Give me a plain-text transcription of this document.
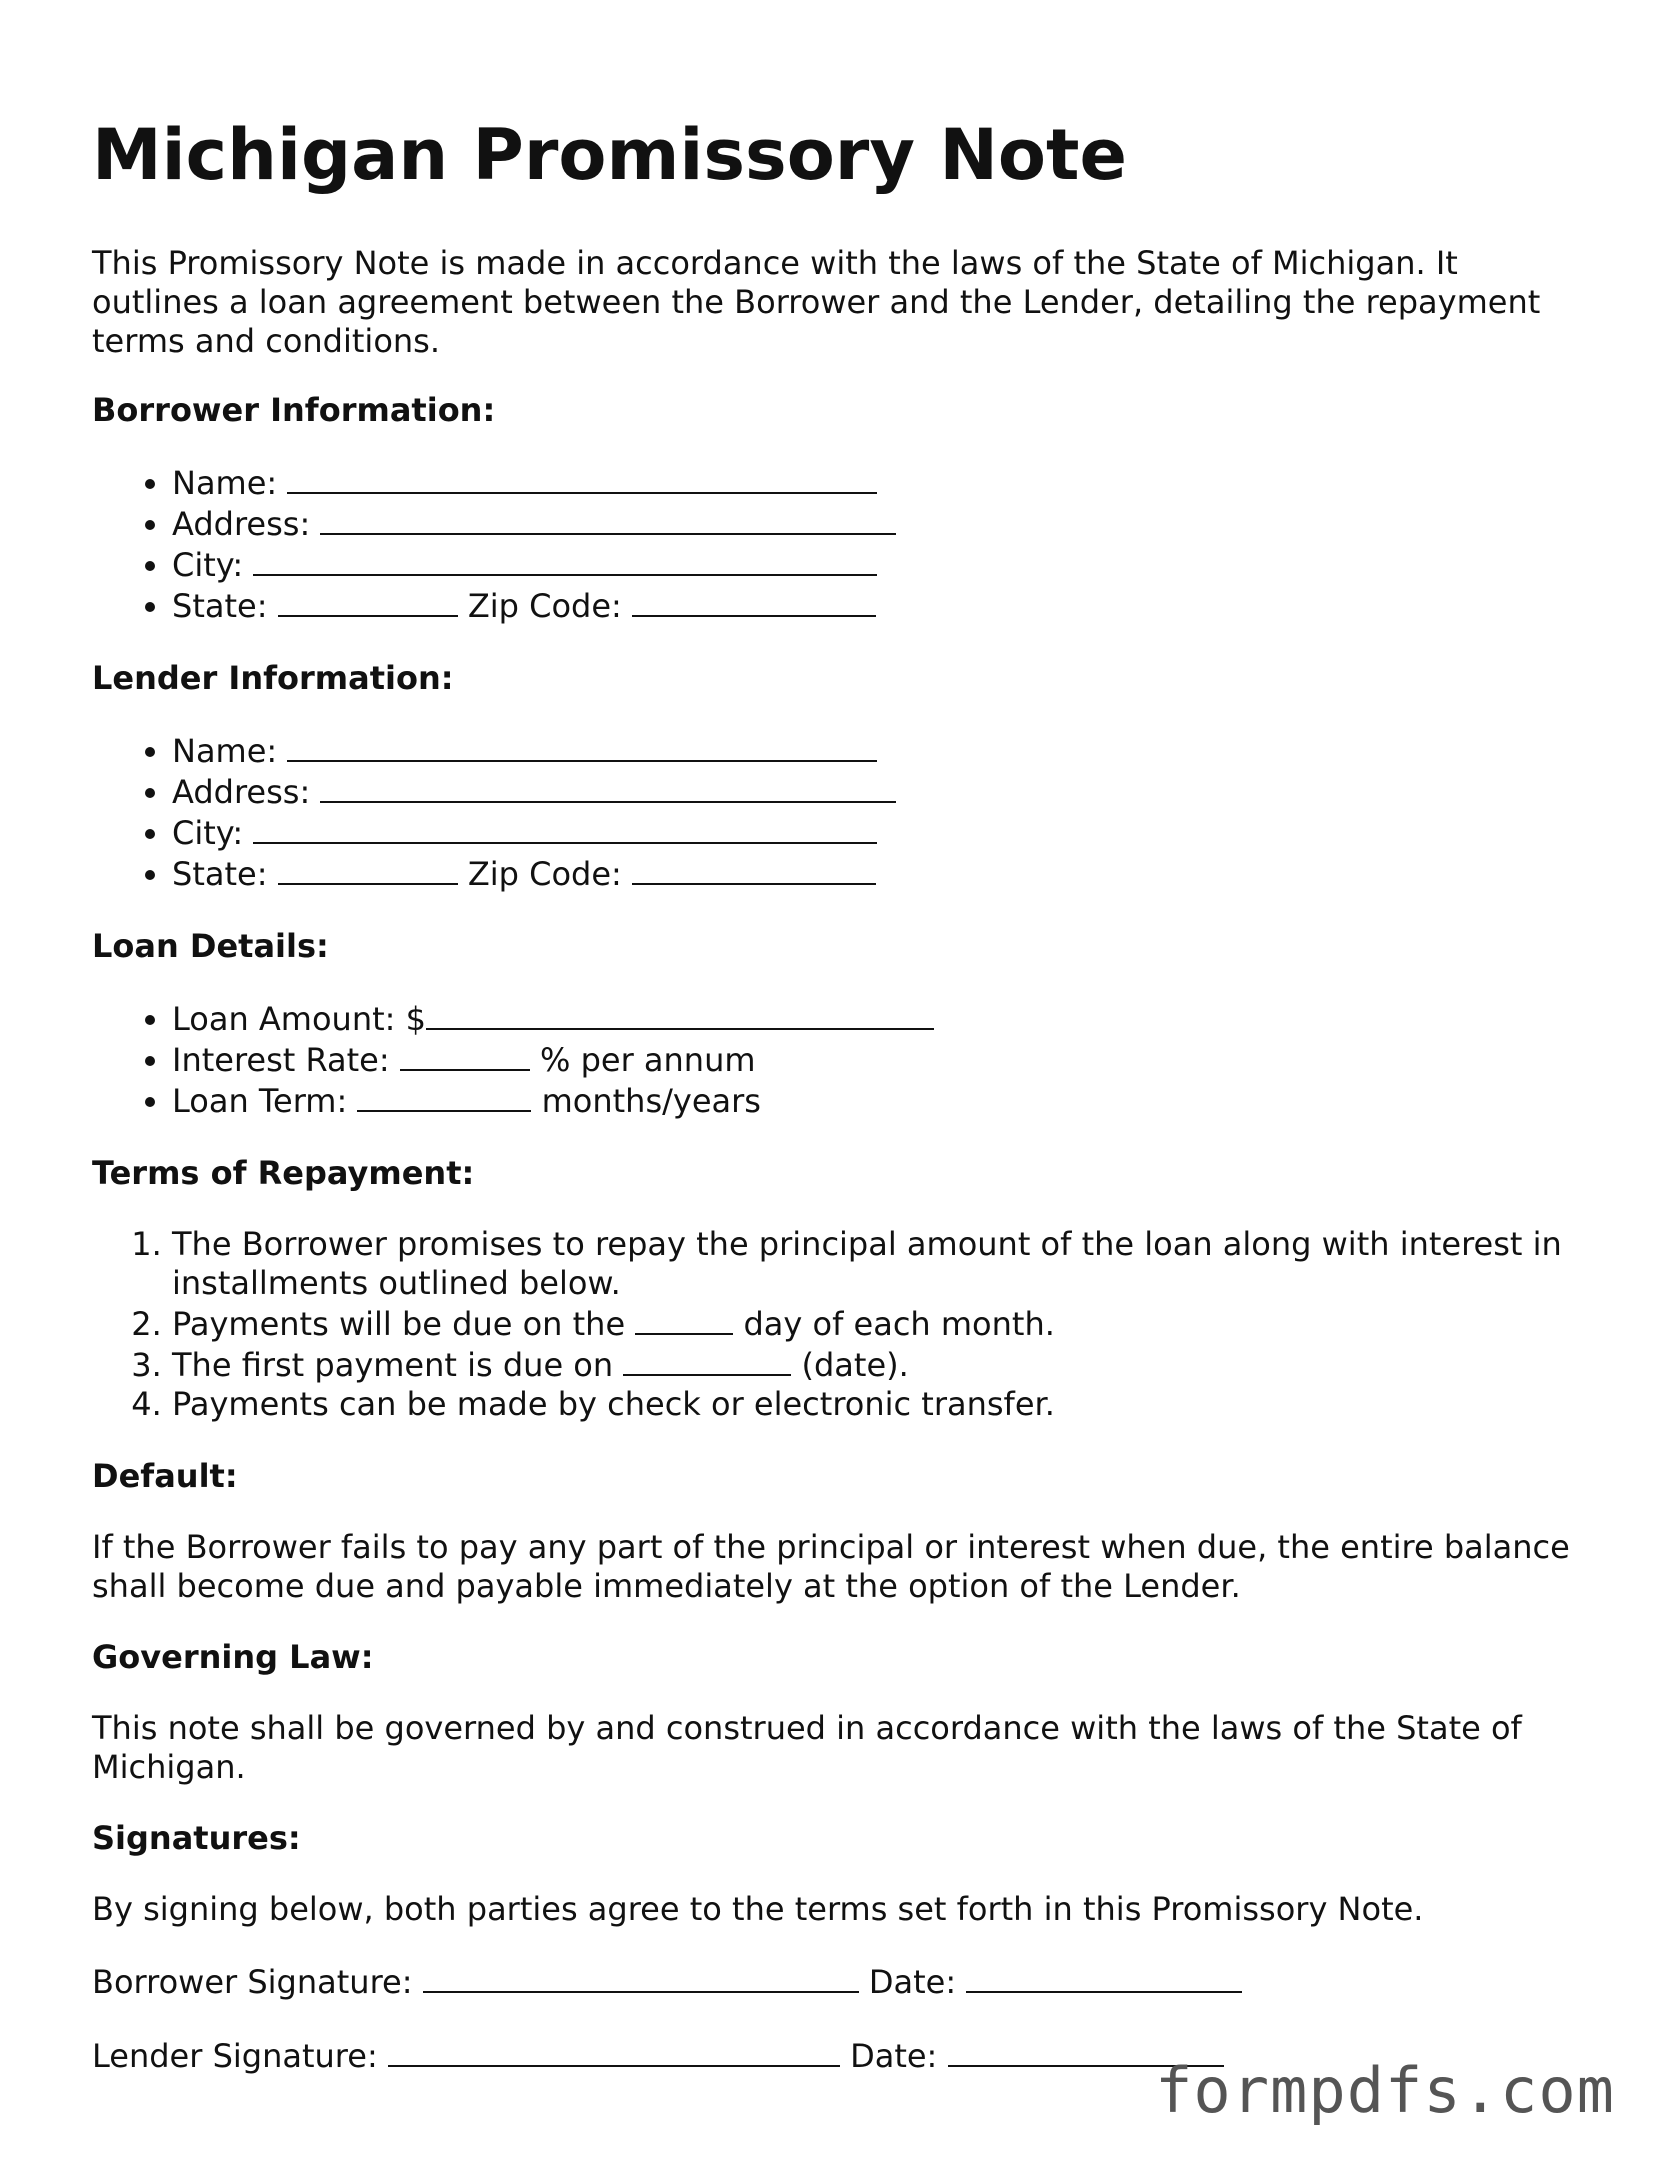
Michigan Promissory Note

This Promissory Note is made in accordance with the laws of the State of Michigan. It outlines a loan agreement between the Borrower and the Lender, detailing the repayment terms and conditions.

Borrower Information:
• Name:
• Address:
• City:
• State:	Zip Code:
Lender Information:
• Name:
• Address:
• City:
• State:	Zip Code:
Loan Details:
• Loan Amount: $
• Interest Rate:	% per annum
• Loan Term:	months/years
Terms of Repayment:
1. The Borrower promises to repay the principal amount of the loan along with interest in installments outlined below.
2. Payments will be due on the	day of each month.
3. The first payment is due on	(date).
4. Payments can be made by check or electronic transfer.
Default:

If the Borrower fails to pay any part of the principal or interest when due, the entire balance shall become due and payable immediately at the option of the Lender.

Governing Law:

This note shall be governed by and construed in accordance with the laws of the State of Michigan.

Signatures:

By signing below, both parties agree to the terms set forth in this Promissory Note.

Borrower Signature:	Date:

Lender Signature:	Date:	formpdfs.com
